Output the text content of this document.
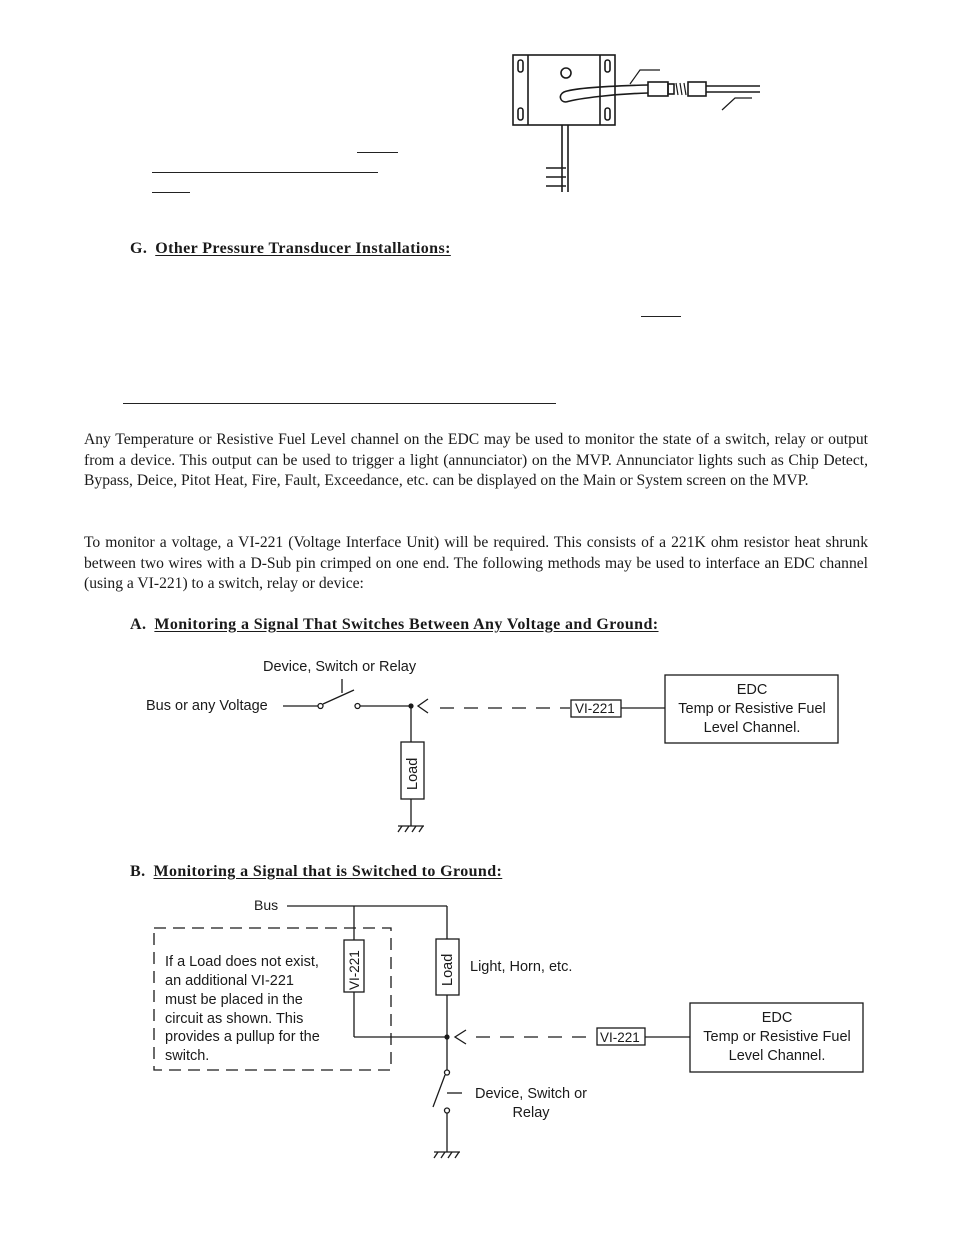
G. Other Pressure Transducer Installations:

Any Temperature or Resistive Fuel Level channel on the EDC may be used to monitor the state of a switch, relay or output from a device. This output can be used to trigger a light (annunciator) on the MVP. Annunciator lights such as Chip Detect, Bypass, Deice, Pitot Heat, Fire, Fault, Exceedance, etc. can be displayed on the Main or System screen on the MVP.

To monitor a voltage, a VI-221 (Voltage Interface Unit) will be required. This consists of a 221K ohm resistor heat shrunk between two wires with a D-Sub pin crimped on one end. The following methods may be used to interface an EDC channel (using a VI-221) to a switch, relay or device:

A. Monitoring a Signal That Switches Between Any Voltage and Ground:
Device, Switch or Relay
Bus or any Voltage	VI-221
Load
EDC
Temp or Resistive Fuel
Level Channel.
B. Monitoring a Signal that is Switched to Ground:
Bus
If a Load does not exist,
an additional VI-221
must be placed in the
circuit as shown. This
provides a pullup for the
switch.
VI-221	Load Light, Horn, etc.
VI-221
EDC
Temp or Resistive Fuel
Level Channel.
Device, Switch or
Relay
